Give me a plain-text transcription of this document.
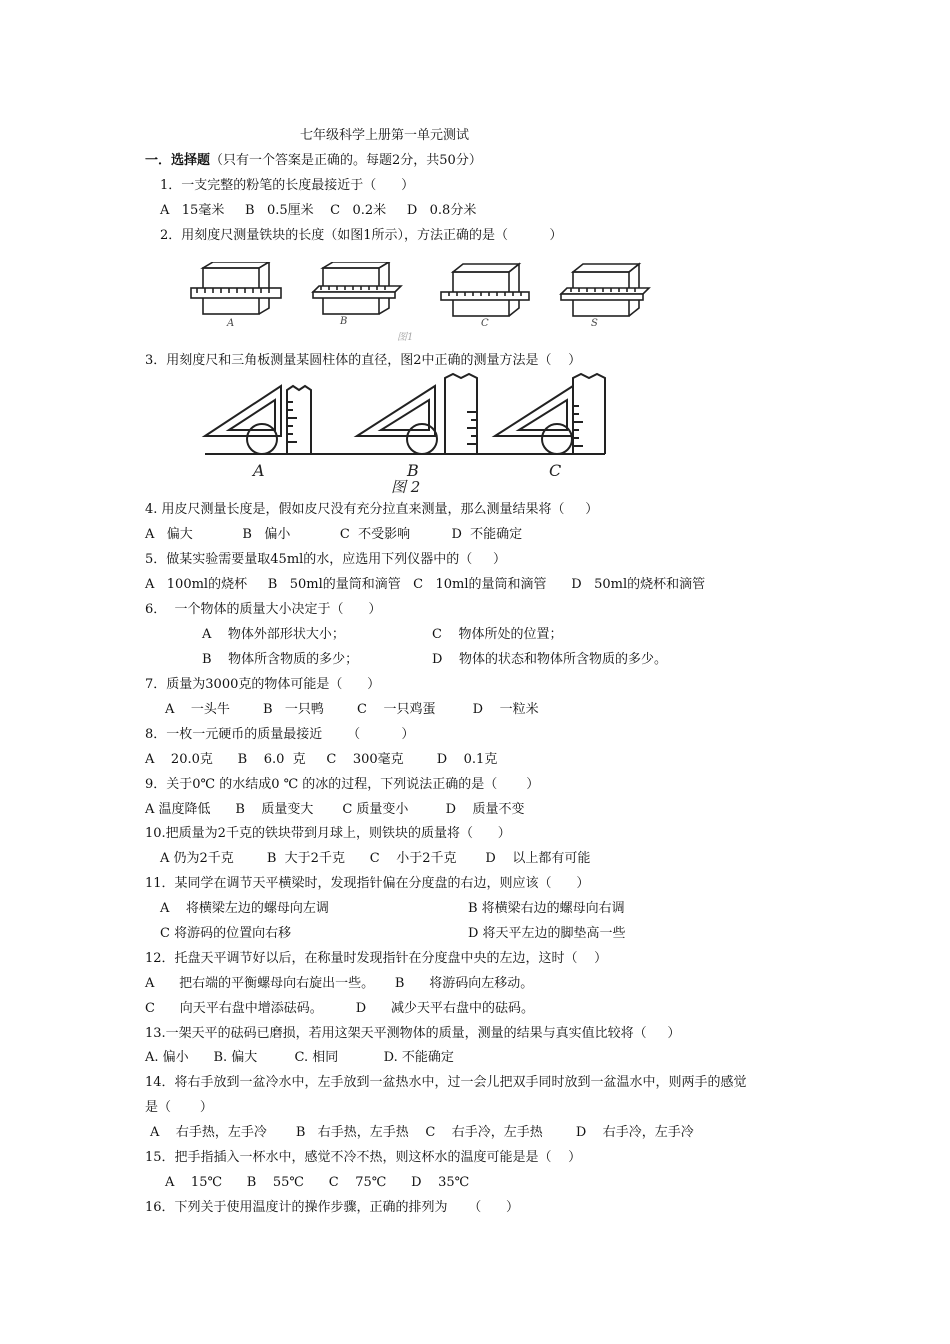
七年级科学上册第一单元测试
一．选择题（只有一个答案是正确的。每题2分，共50分）
1．一支完整的粉笔的长度最接近于（      ）
A   15毫米     B   0.5厘米    C   0.2米     D   0.8分米
2．用刻度尺测量铁块的长度（如图1所示），方法正确的是（          ）
A	B	C	S
图1
3．用刻度尺和三角板测量某圆柱体的直径，图2中正确的测量方法是（    ）
A	B	C
图 2
4. 用皮尺测量长度是，假如皮尺没有充分拉直来测量，那么测量结果将（     ）
A   偏大            B   偏小            C  不受影响          D  不能确定
5．做某实验需要量取45ml的水，应选用下列仪器中的（     ）
A   100ml的烧杯     B   50ml的量筒和滴管   C   10ml的量筒和滴管      D   50ml的烧杯和滴管
6．  一个物体的质量大小决定于（      ）
A    物体外部形状大小；	C    物体所处的位置；
B    物体所含物质的多少；	D    物体的状态和物体所含物质的多少。
7．质量为3000克的物体可能是（      ）
A    一头牛        B   一只鸭        C    一只鸡蛋         D    一粒米
8．一枚一元硬币的质量最接近      （          ）
A    20.0克      B    6.0  克     C    300毫克        D    0.1克
9．关于0℃ 的水结成0 ℃ 的冰的过程，下列说法正确的是（       ）
A 温度降低      B    质量变大       C 质量变小         D    质量不变
10.把质量为2千克的铁块带到月球上，则铁块的质量将（      ）
A 仍为2千克        B  大于2千克      C    小于2千克       D    以上都有可能
11．某同学在调节天平横梁时，发现指针偏在分度盘的右边，则应该（      ）
A    将横梁左边的螺母向左调	B 将横梁右边的螺母向右调
C 将游码的位置向右移	D 将天平左边的脚垫高一些
12．托盘天平调节好以后，在称量时发现指针在分度盘中央的左边，这时（    ）
A      把右端的平衡螺母向右旋出一些。     B      将游码向左移动。
C      向天平右盘中增添砝码。        D      减少天平右盘中的砝码。
13.一架天平的砝码已磨损，若用这架天平测物体的质量，测量的结果与真实值比较将（     ）
A. 偏小      B. 偏大         C. 相同           D. 不能确定
14．将右手放到一盆冷水中，左手放到一盆热水中，过一会儿把双手同时放到一盆温水中，则两手的感觉
是（       ）
A    右手热，左手冷       B   右手热，左手热    C    右手冷，左手热        D    右手冷，左手冷
15．把手指插入一杯水中，感觉不冷不热，则这杯水的温度可能是是（    ）
A    15℃      B    55℃      C    75℃      D    35℃
16．下列关于使用温度计的操作步骤，正确的排列为     （      ）
